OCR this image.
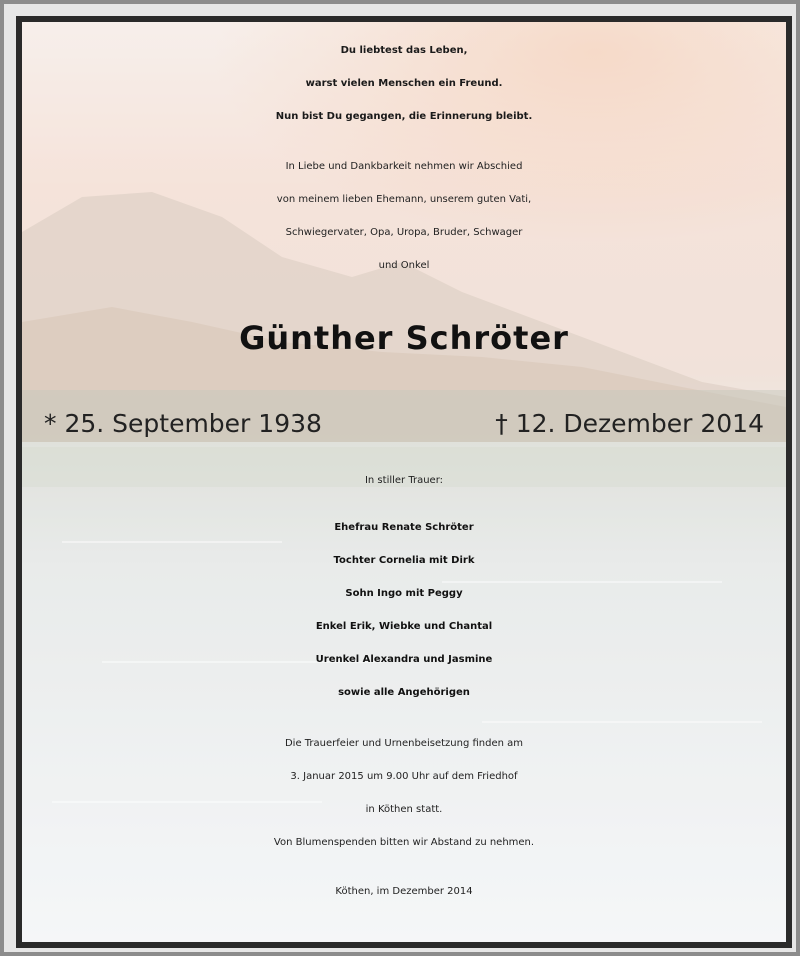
Du liebtest das Leben,
warst vielen Menschen ein Freund.
Nun bist Du gegangen, die Erinnerung bleibt.
In Liebe und Dankbarkeit nehmen wir Abschied
von meinem lieben Ehemann, unserem guten Vati,
Schwiegervater, Opa, Uropa, Bruder, Schwager
und Onkel
Günther Schröter
* 25. September 1938	† 12. Dezember 2014
In stiller Trauer:
Ehefrau Renate Schröter
Tochter Cornelia mit Dirk
Sohn Ingo mit Peggy
Enkel Erik, Wiebke und Chantal
Urenkel Alexandra und Jasmine
sowie alle Angehörigen
Die Trauerfeier und Urnenbeisetzung finden am
3. Januar 2015 um 9.00 Uhr auf dem Friedhof
in Köthen statt.
Von Blumenspenden bitten wir Abstand zu nehmen.
Köthen, im Dezember 2014
